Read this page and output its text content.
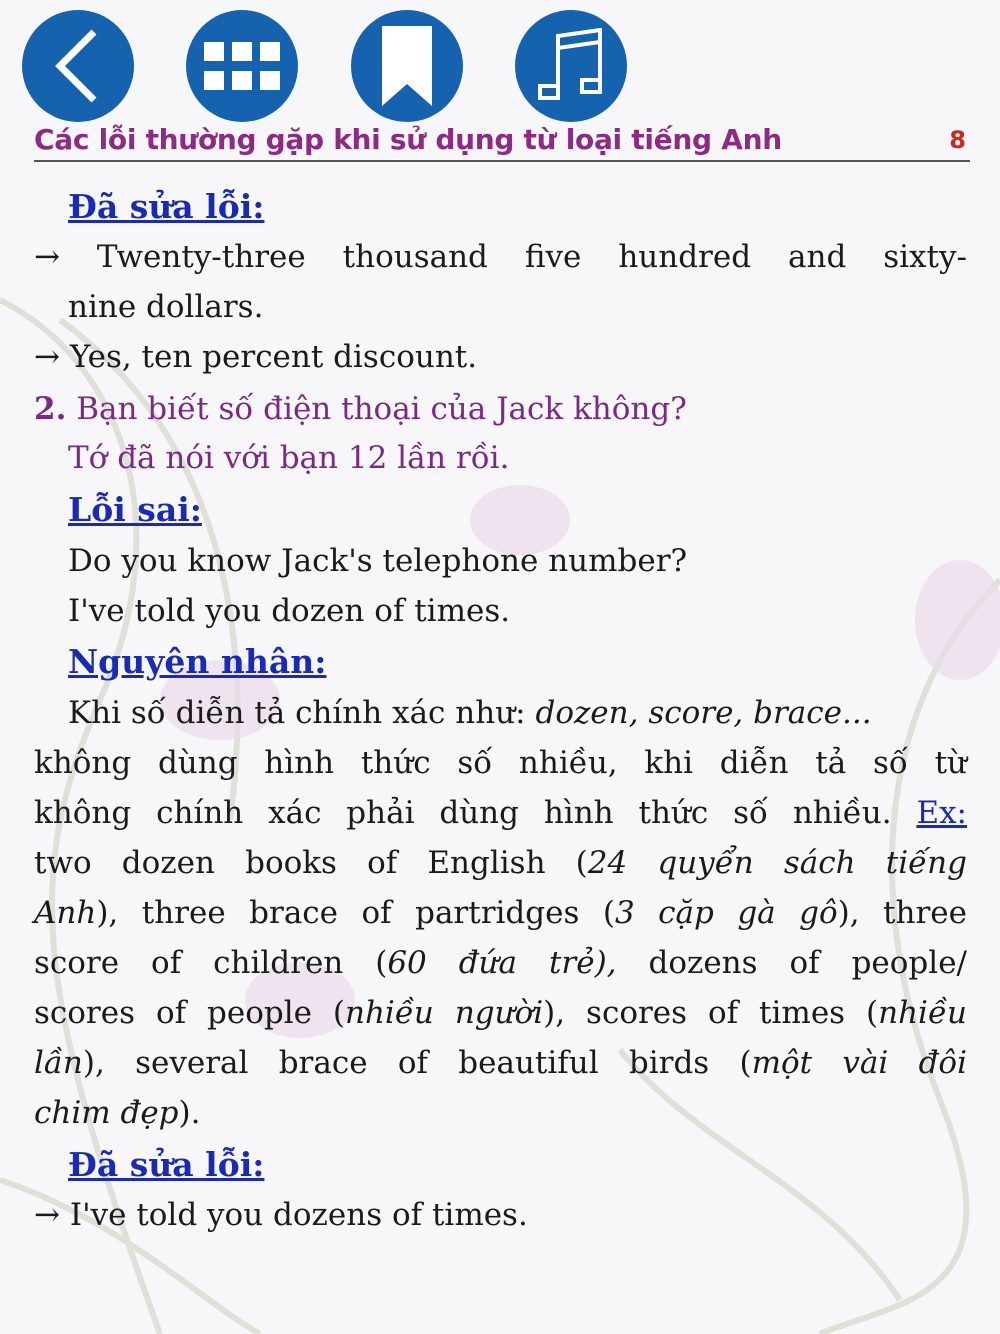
Các lỗi thường gặp khi sử dụng từ loại tiếng Anh	8
Đã sửa lỗi:
→ Twenty-three thousand five hundred and sixty-
nine dollars.
→ Yes, ten percent discount.
2. Bạn biết số điện thoại của Jack không?
Tớ đã nói với bạn 12 lần rồi.
Lỗi sai:
Do you know Jack's telephone number?
I've told you dozen of times.
Nguyên nhân:
Khi số diễn tả chính xác như: dozen, score, brace...
không dùng hình thức số nhiều, khi diễn tả số từ
không chính xác phải dùng hình thức số nhiều. Ex:
two dozen books of English (24 quyển sách tiếng
Anh), three brace of partridges (3 cặp gà gô), three
score of children (60 đứa trẻ), dozens of people/
scores of people (nhiều người), scores of times (nhiều
lần), several brace of beautiful birds (một vài đôi
chim đẹp).
Đã sửa lỗi:
→ I've told you dozens of times.
